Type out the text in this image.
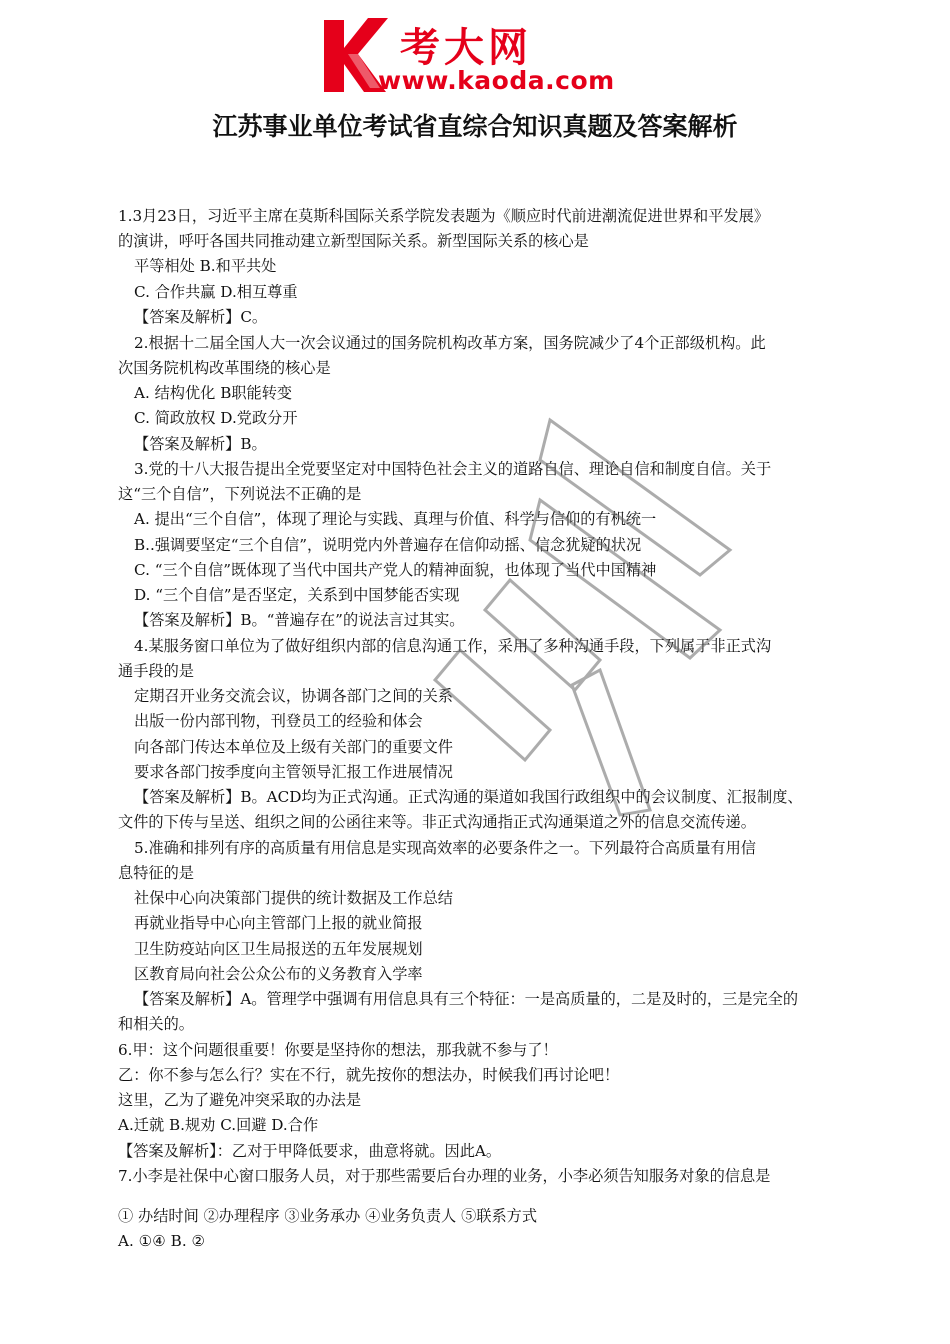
考大网
www.kaoda.com
江苏事业单位考试省直综合知识真题及答案解析
1.3月23日，习近平主席在莫斯科国际关系学院发表题为《顺应时代前进潮流促进世界和平发展》
的演讲，呼吁各国共同推动建立新型国际关系。新型国际关系的核心是
平等相处 B.和平共处
C. 合作共赢 D.相互尊重
【答案及解析】C。
2.根据十二届全国人大一次会议通过的国务院机构改革方案，国务院减少了4个正部级机构。此
次国务院机构改革围绕的核心是
A. 结构优化 B职能转变
C. 简政放权 D.党政分开
【答案及解析】B。
3.党的十八大报告提出全党要坚定对中国特色社会主义的道路自信、理论自信和制度自信。关于
这“三个自信”，下列说法不正确的是
A. 提出“三个自信”，体现了理论与实践、真理与价值、科学与信仰的有机统一
B..强调要坚定“三个自信”，说明党内外普遍存在信仰动摇、信念犹疑的状况
C. “三个自信”既体现了当代中国共产党人的精神面貌，也体现了当代中国精神
D. “三个自信”是否坚定，关系到中国梦能否实现
【答案及解析】B。“普遍存在”的说法言过其实。
4.某服务窗口单位为了做好组织内部的信息沟通工作，采用了多种沟通手段，下列属于非正式沟
通手段的是
定期召开业务交流会议，协调各部门之间的关系
出版一份内部刊物，刊登员工的经验和体会
向各部门传达本单位及上级有关部门的重要文件
要求各部门按季度向主管领导汇报工作进展情况
【答案及解析】B。ACD均为正式沟通。正式沟通的渠道如我国行政组织中的会议制度、汇报制度、
文件的下传与呈送、组织之间的公函往来等。非正式沟通指正式沟通渠道之外的信息交流传递。
5.准确和排列有序的高质量有用信息是实现高效率的必要条件之一。下列最符合高质量有用信
息特征的是
社保中心向决策部门提供的统计数据及工作总结
再就业指导中心向主管部门上报的就业简报
卫生防疫站向区卫生局报送的五年发展规划
区教育局向社会公众公布的义务教育入学率
【答案及解析】A。管理学中强调有用信息具有三个特征：一是高质量的，二是及时的，三是完全的
和相关的。
6.甲：这个问题很重要！你要是坚持你的想法，那我就不参与了！
乙：你不参与怎么行？实在不行，就先按你的想法办，时候我们再讨论吧！
这里，乙为了避免冲突采取的办法是
A.迁就 B.规劝 C.回避 D.合作
【答案及解析】：乙对于甲降低要求，曲意将就。因此A。
7.小李是社保中心窗口服务人员，对于那些需要后台办理的业务，小李必须告知服务对象的信息是
① 办结时间 ②办理程序 ③业务承办 ④业务负责人 ⑤联系方式
A. ①④ B. ②
